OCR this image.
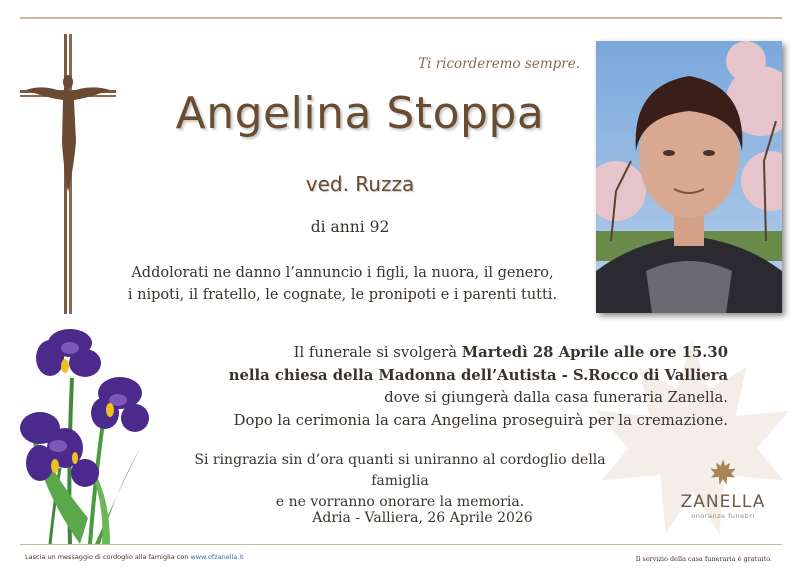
Ti ricorderemo sempre.
Angelina Stoppa
ved. Ruzza
di anni 92
Addolorati ne danno l’annuncio i figli, la nuora, il genero,
i nipoti, il fratello, le cognate, le pronipoti e i parenti tutti.
Il funerale si svolgerà Martedì 28 Aprile alle ore 15.30
nella chiesa della Madonna dell’Autista - S.Rocco di Valliera
dove si giungerà dalla casa funeraria Zanella.
Dopo la cerimonia la cara Angelina proseguirà per la cremazione.
Si ringrazia sin d’ora quanti si uniranno al cordoglio della famiglia
e ne vorranno onorare la memoria.
Adria - Valliera, 26 Aprile 2026
ZANELLA
onoranze funebri
Lascia un messaggio di cordoglio alla famiglia con www.ofzanella.it	Il servizio della casa funeraria è gratuito.
